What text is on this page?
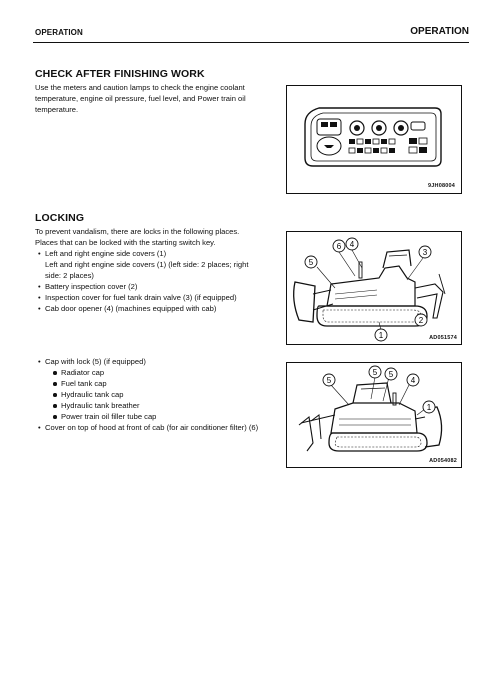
OPERATION	OPERATION
CHECK AFTER FINISHING WORK
Use the meters and caution lamps to check the engine coolant
temperature, engine oil pressure, fuel level, and Power train oil
temperature.
9JH08004
LOCKING
To prevent vandalism, there are locks in the following places.
Places that can be locked with the starting switch key.
• Left and right engine side covers (1)
Left and right engine side covers (1) (left side: 2 places; right
side: 2 places)
• Battery inspection cover (2)
• Inspection cover for fuel tank drain valve (3) (if equipped)
• Cab door opener (4) (machines equipped with cab)
6 4
5
3
2
1	AD051574
• Cap with lock (5) (if equipped)
Radiator cap
Fuel tank cap
Hydraulic tank cap
Hydraulic tank breather
Power train oil filler tube cap
• Cover on top of hood at front of cab (for air conditioner filter) (6)
5
5 5
4
1
AD054082
